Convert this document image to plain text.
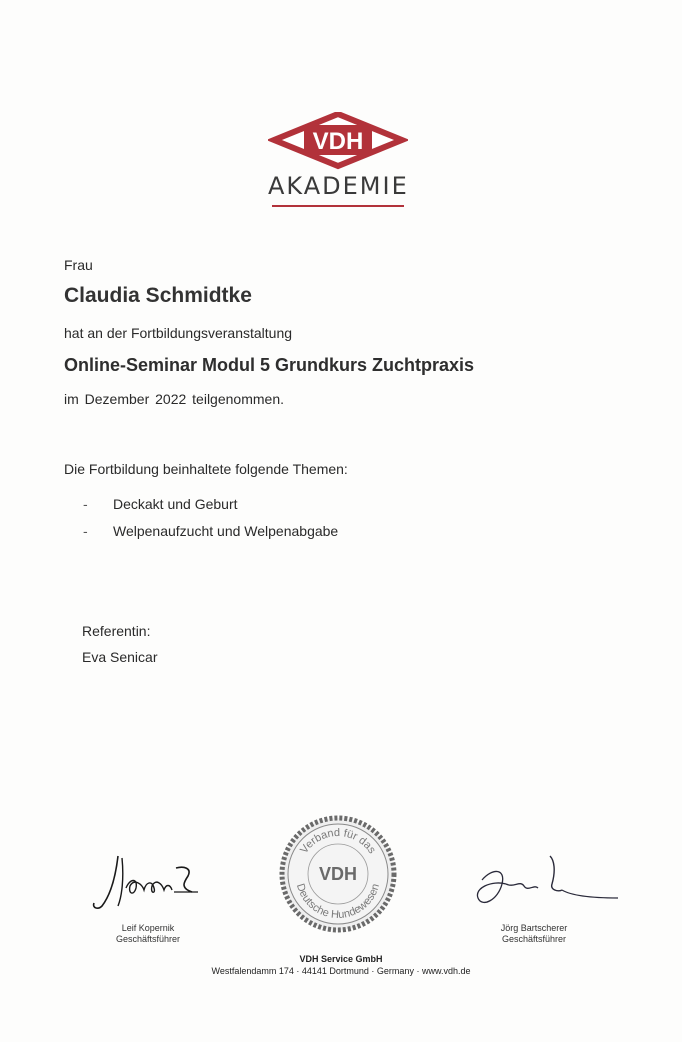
VDH
AKADEMIE
Frau
Claudia Schmidtke
hat an der Fortbildungsveranstaltung
Online-Seminar Modul 5 Grundkurs Zuchtpraxis
im Dezember 2022 teilgenommen.
Die Fortbildung beinhaltete folgende Themen:
- Deckakt und Geburt
- Welpenaufzucht und Welpenabgabe
Referentin:
Eva Senicar
Leif Kopernik
Geschäftsführer
Verband für das
Deutsche Hundewesen
VDH
Jörg Bartscherer
Geschäftsführer
VDH Service GmbH
Westfalendamm 174 · 44141 Dortmund · Germany · www.vdh.de
